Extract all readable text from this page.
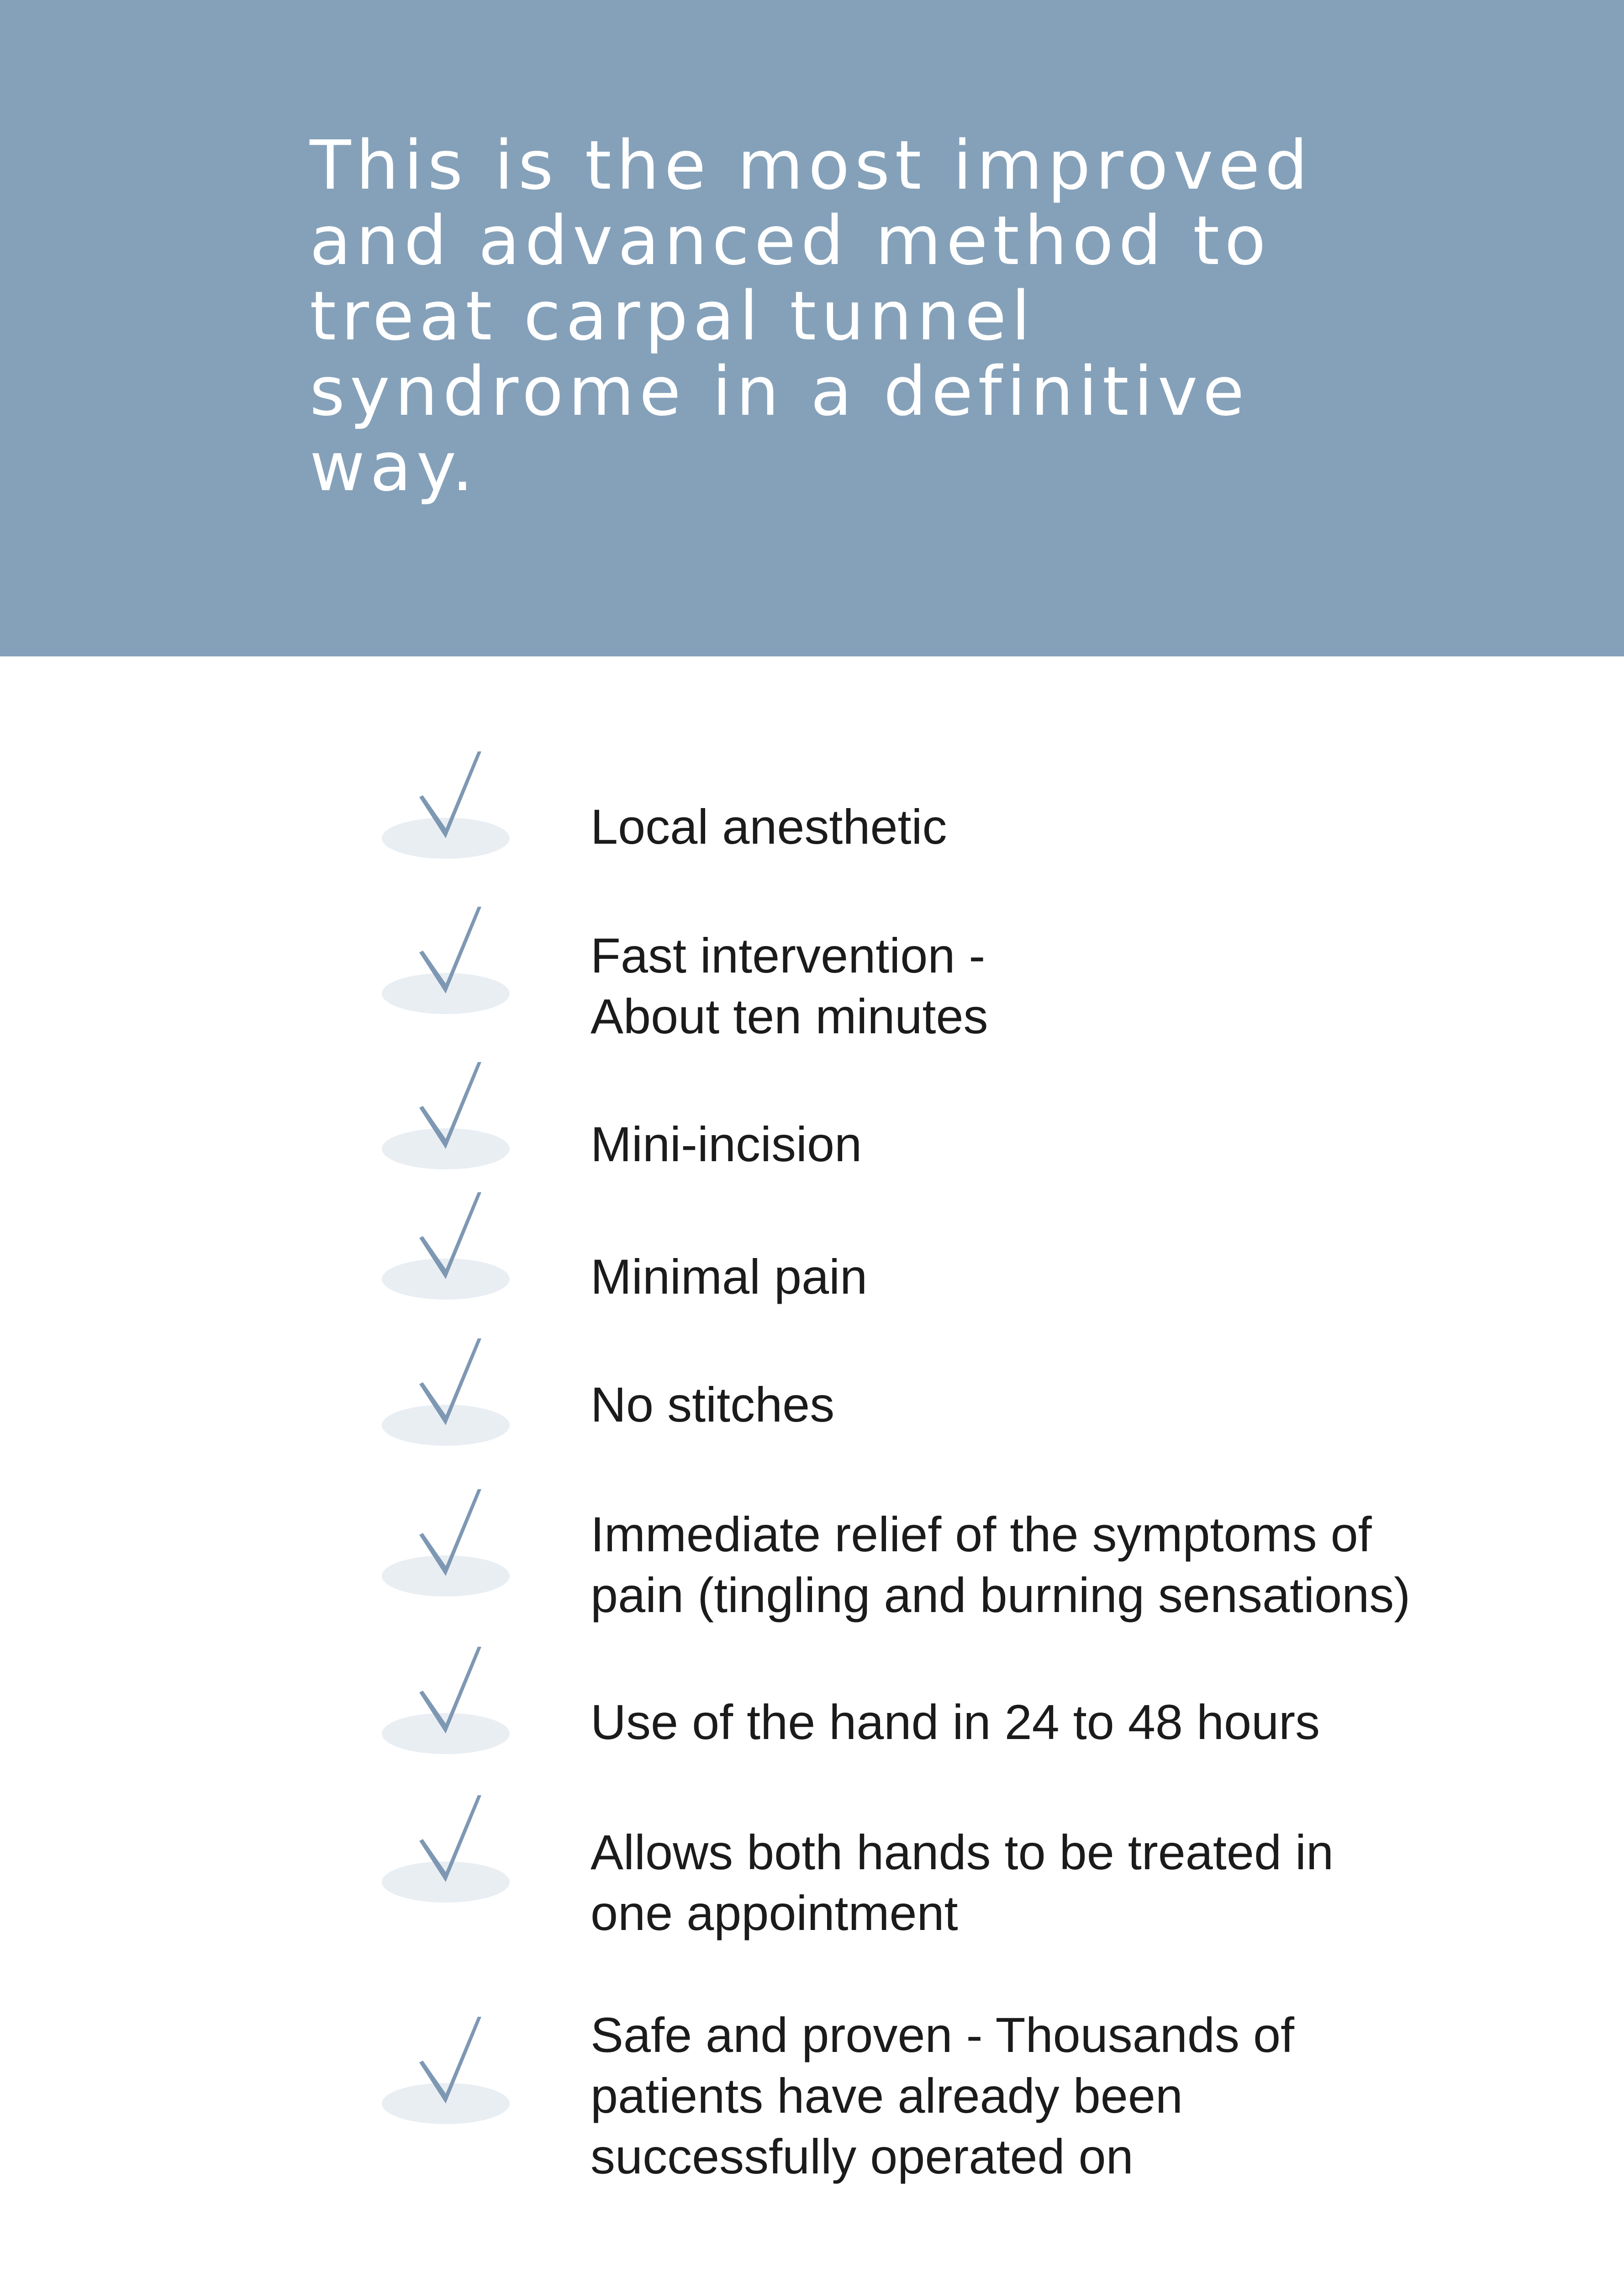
This is the most improved
and advanced method to
treat carpal tunnel
syndrome in a definitive
way.
Local anesthetic
Fast intervention -
About ten minutes
Mini-incision
Minimal pain
No stitches
Immediate relief of the symptoms of
pain (tingling and burning sensations)
Use of the hand in 24 to 48 hours
Allows both hands to be treated in
one appointment
Safe and proven - Thousands of
patients have already been
successfully operated on
